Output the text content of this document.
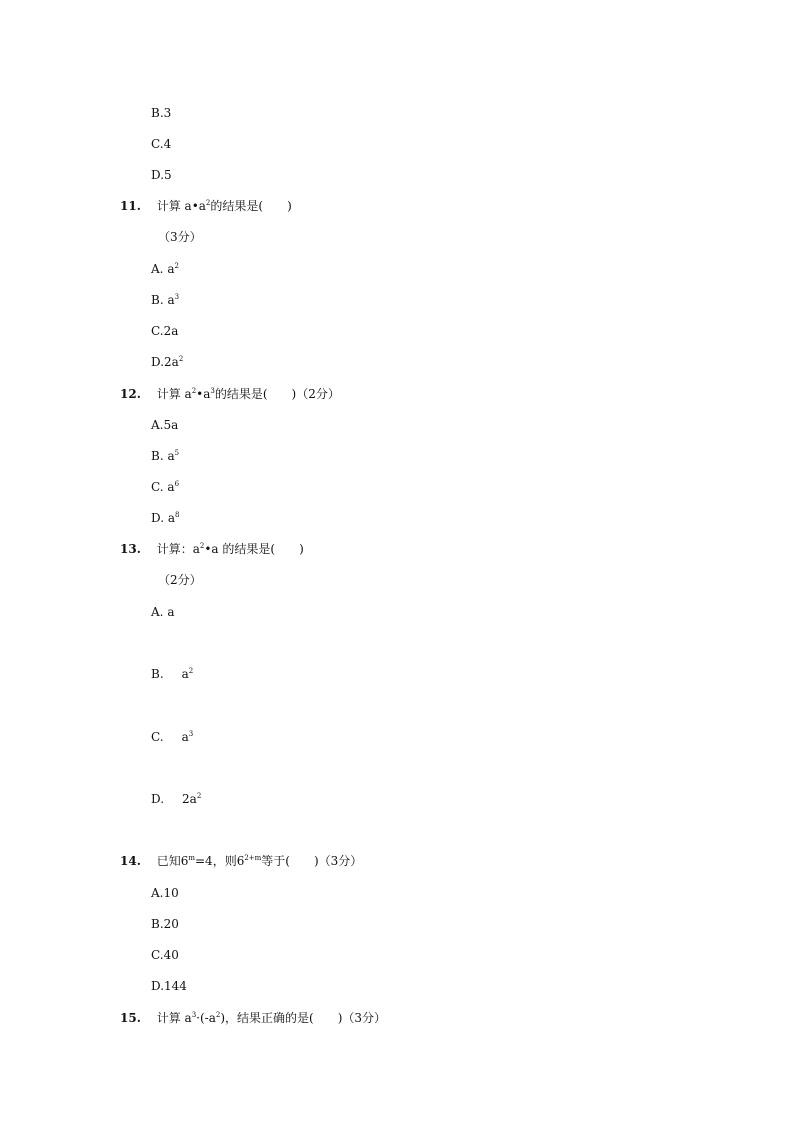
B.3
C.4
D.5
11. 计算 $a•a^2$的结果是(　　)
（3分）
A. $a^2$
B. $a^3$
C.2a
$D.2a^2$
12. 计算 $a^2•a^3$的结果是(　　)（2分）
A.5a
B. $a^5$
C. $a^6$
D. $a^8$
13. 计算：$a^2•a$ 的结果是(　　)
（2分）
A. a
B. $a^2$
C. $a^3$
D. $2a^2$
14. 已知$6^m=4$，则$6^{2+m}$等于(　　)（3分）
A.10
B.20
C.40
D.144
15. 计算 $a^3\cdot(-a^2)$，结果正确的是(　　)（3分）
